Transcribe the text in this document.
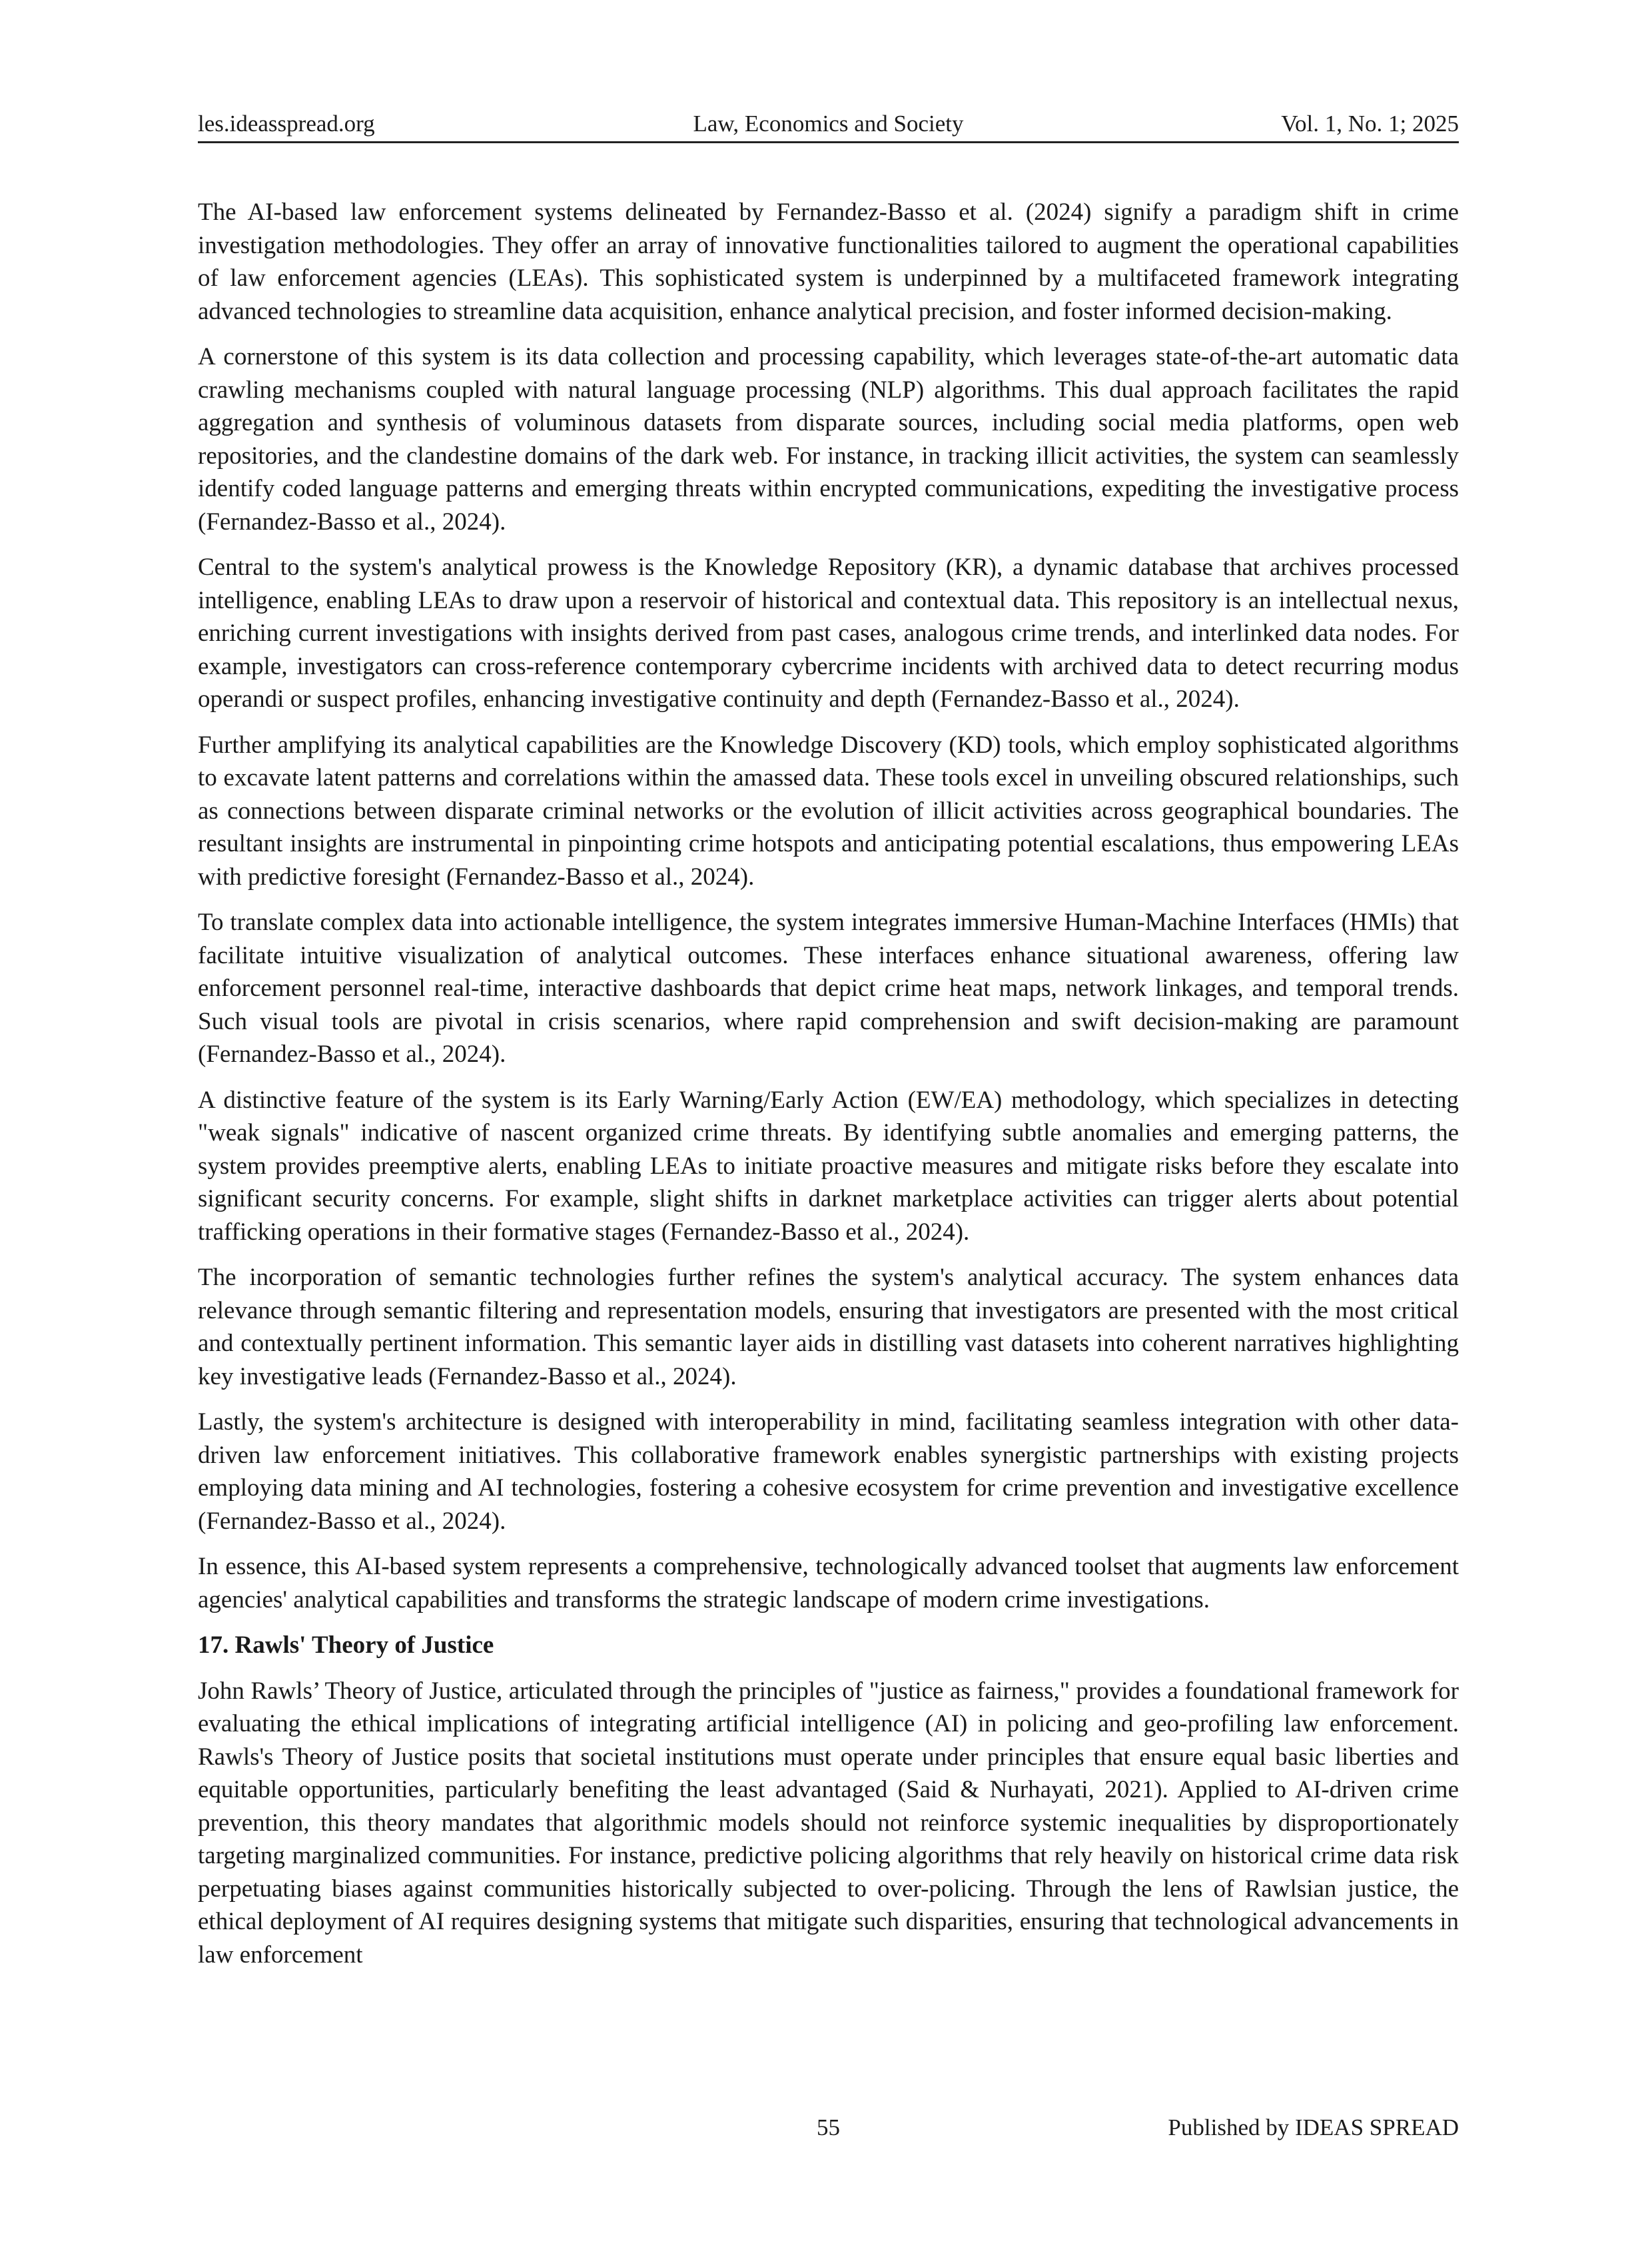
les.ideasspread.org	Law, Economics and Society	Vol. 1, No. 1; 2025

The AI-based law enforcement systems delineated by Fernandez-Basso et al. (2024) signify a paradigm shift in crime investigation methodologies. They offer an array of innovative functionalities tailored to augment the operational capabilities of law enforcement agencies (LEAs). This sophisticated system is underpinned by a multifaceted framework integrating advanced technologies to streamline data acquisition, enhance analytical precision, and foster informed decision-making.

A cornerstone of this system is its data collection and processing capability, which leverages state-of-the-art automatic data crawling mechanisms coupled with natural language processing (NLP) algorithms. This dual approach facilitates the rapid aggregation and synthesis of voluminous datasets from disparate sources, including social media platforms, open web repositories, and the clandestine domains of the dark web. For instance, in tracking illicit activities, the system can seamlessly identify coded language patterns and emerging threats within encrypted communications, expediting the investigative process (Fernandez-Basso et al., 2024).

Central to the system's analytical prowess is the Knowledge Repository (KR), a dynamic database that archives processed intelligence, enabling LEAs to draw upon a reservoir of historical and contextual data. This repository is an intellectual nexus, enriching current investigations with insights derived from past cases, analogous crime trends, and interlinked data nodes. For example, investigators can cross-reference contemporary cybercrime incidents with archived data to detect recurring modus operandi or suspect profiles, enhancing investigative continuity and depth (Fernandez-Basso et al., 2024).

Further amplifying its analytical capabilities are the Knowledge Discovery (KD) tools, which employ sophisticated algorithms to excavate latent patterns and correlations within the amassed data. These tools excel in unveiling obscured relationships, such as connections between disparate criminal networks or the evolution of illicit activities across geographical boundaries. The resultant insights are instrumental in pinpointing crime hotspots and anticipating potential escalations, thus empowering LEAs with predictive foresight (Fernandez-Basso et al., 2024).

To translate complex data into actionable intelligence, the system integrates immersive Human-Machine Interfaces (HMIs) that facilitate intuitive visualization of analytical outcomes. These interfaces enhance situational awareness, offering law enforcement personnel real-time, interactive dashboards that depict crime heat maps, network linkages, and temporal trends. Such visual tools are pivotal in crisis scenarios, where rapid comprehension and swift decision-making are paramount (Fernandez-Basso et al., 2024).

A distinctive feature of the system is its Early Warning/Early Action (EW/EA) methodology, which specializes in detecting "weak signals" indicative of nascent organized crime threats. By identifying subtle anomalies and emerging patterns, the system provides preemptive alerts, enabling LEAs to initiate proactive measures and mitigate risks before they escalate into significant security concerns. For example, slight shifts in darknet marketplace activities can trigger alerts about potential trafficking operations in their formative stages (Fernandez-Basso et al., 2024).

The incorporation of semantic technologies further refines the system's analytical accuracy. The system enhances data relevance through semantic filtering and representation models, ensuring that investigators are presented with the most critical and contextually pertinent information. This semantic layer aids in distilling vast datasets into coherent narratives highlighting key investigative leads (Fernandez-Basso et al., 2024).

Lastly, the system's architecture is designed with interoperability in mind, facilitating seamless integration with other data-driven law enforcement initiatives. This collaborative framework enables synergistic partnerships with existing projects employing data mining and AI technologies, fostering a cohesive ecosystem for crime prevention and investigative excellence (Fernandez-Basso et al., 2024).

In essence, this AI-based system represents a comprehensive, technologically advanced toolset that augments law enforcement agencies' analytical capabilities and transforms the strategic landscape of modern crime investigations.

17. Rawls' Theory of Justice

John Rawls’ Theory of Justice, articulated through the principles of "justice as fairness," provides a foundational framework for evaluating the ethical implications of integrating artificial intelligence (AI) in policing and geo-profiling law enforcement. Rawls's Theory of Justice posits that societal institutions must operate under principles that ensure equal basic liberties and equitable opportunities, particularly benefiting the least advantaged (Said & Nurhayati, 2021). Applied to AI-driven crime prevention, this theory mandates that algorithmic models should not reinforce systemic inequalities by disproportionately targeting marginalized communities. For instance, predictive policing algorithms that rely heavily on historical crime data risk perpetuating biases against communities historically subjected to over-policing. Through the lens of Rawlsian justice, the ethical deployment of AI requires designing systems that mitigate such disparities, ensuring that technological advancements in law enforcement

55	Published by IDEAS SPREAD
